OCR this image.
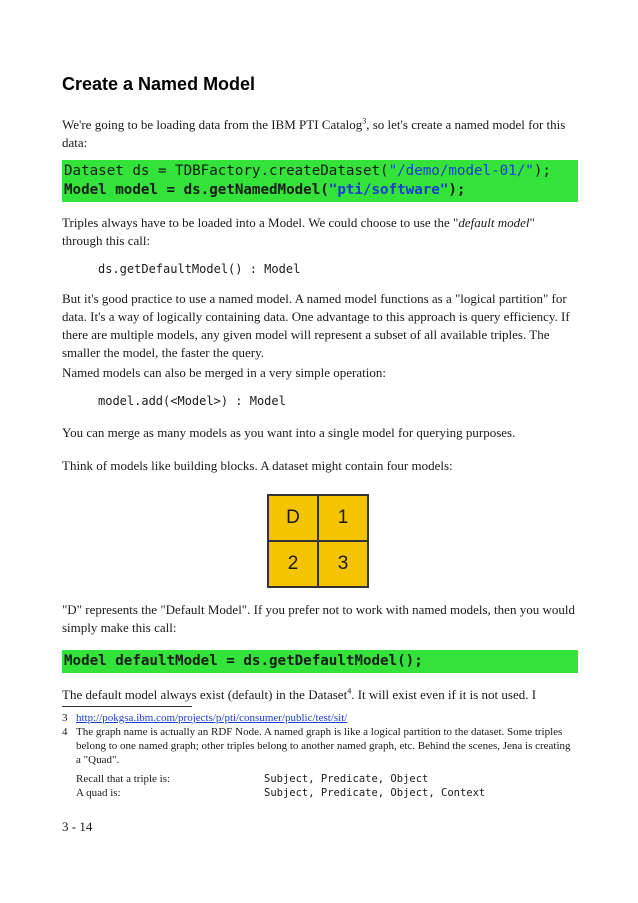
Create a Named Model

We're going to be loading data from the IBM PTI Catalog$^3$, so let's create a named model for this data:

Dataset ds = TDBFactory.createDataset("/demo/model-01/");
Model model = ds.getNamedModel("pti/software");

Triples always have to be loaded into a Model. We could choose to use the "default model" through this call:

ds.getDefaultModel() : Model

But it's good practice to use a named model. A named model functions as a "logical partition" for data. It's a way of logically containing data. One advantage to this approach is query efficiency. If there are multiple models, any given model will represent a subset of all available triples. The smaller the model, the faster the query.

Named models can also be merged in a very simple operation:

model.add(<Model>) : Model

You can merge as many models as you want into a single model for querying purposes.

Think of models like building blocks. A dataset might contain four models:

D	1
2	3

"D" represents the "Default Model". If you prefer not to work with named models, then you would simply make this call:

Model defaultModel = ds.getDefaultModel();

The default model always exist (default) in the Dataset$^4$. It will exist even if it is not used. I

3 http://pokgsa.ibm.com/projects/p/pti/consumer/public/test/sit/
4 The graph name is actually an RDF Node. A named graph is like a logical partition to the dataset. Some triples belong to one named graph; other triples belong to another named graph, etc. Behind the scenes, Jena is creating a "Quad".
Recall that a triple is:	Subject, Predicate, Object
A quad is:	Subject, Predicate, Object, Context
3 - 14
